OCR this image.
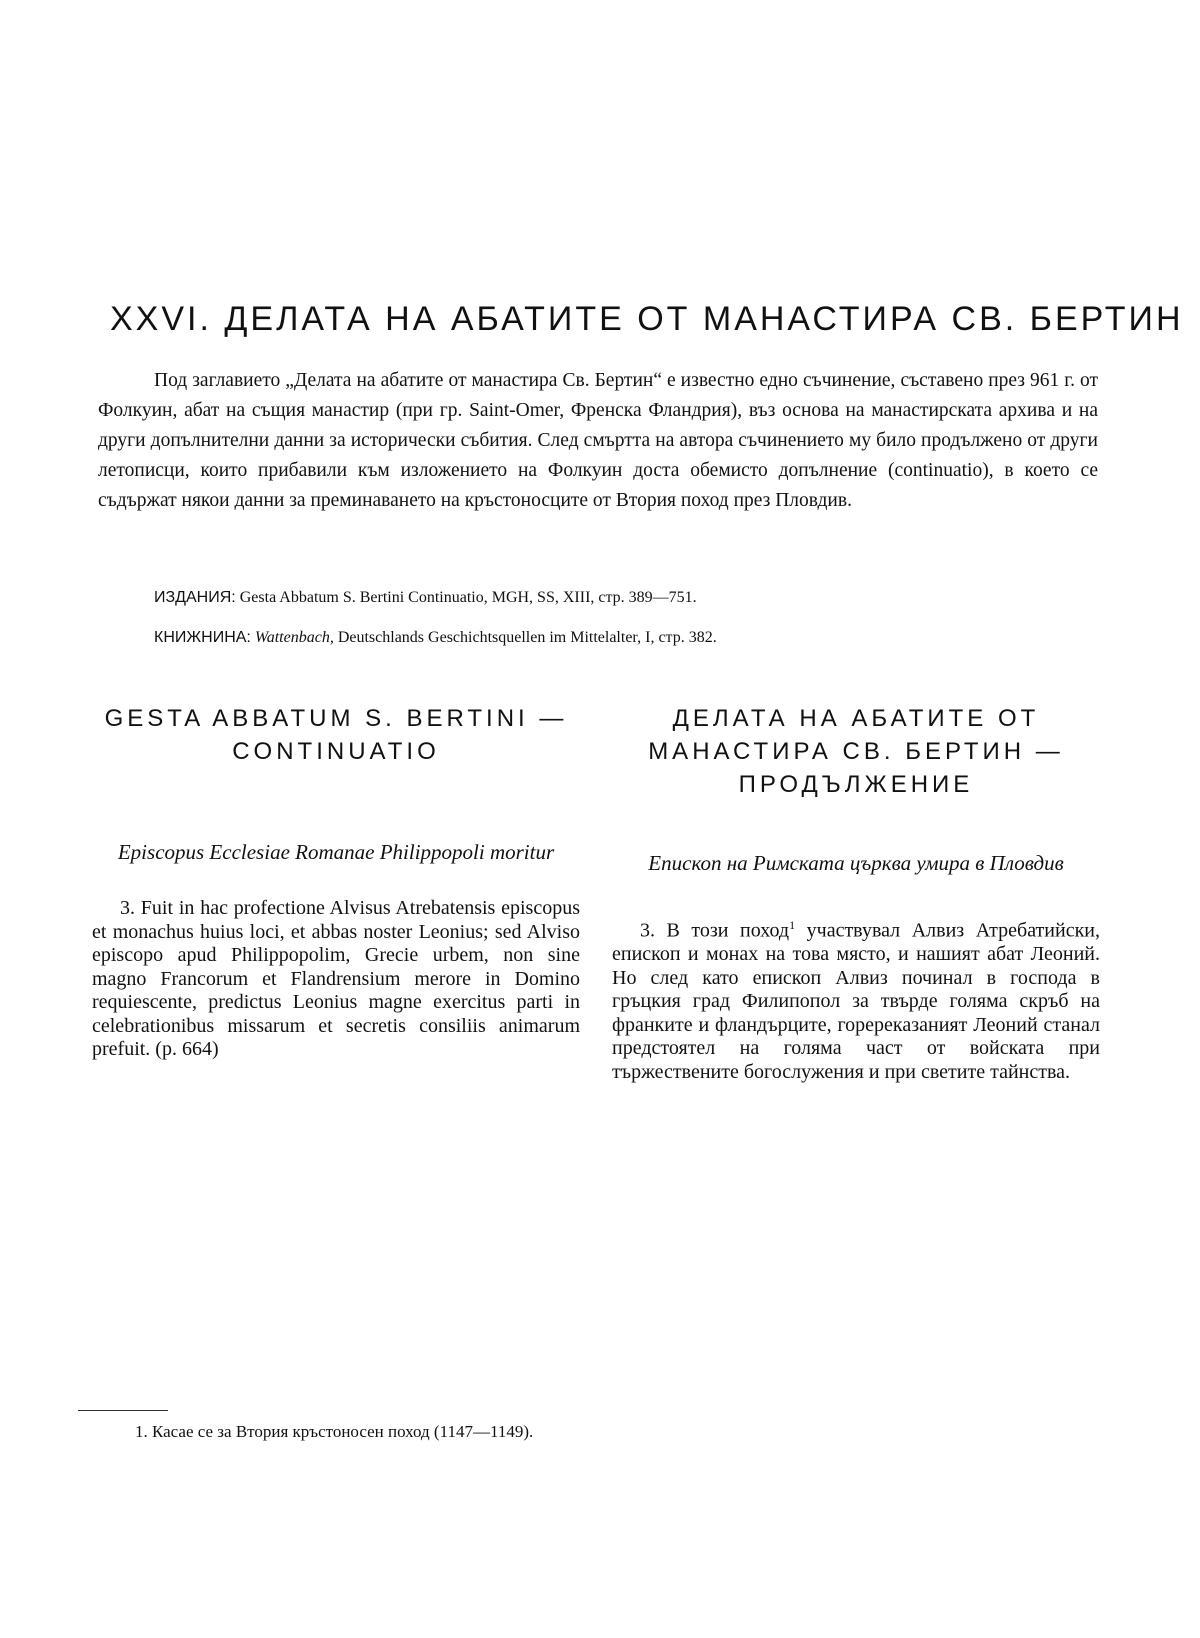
XXVI. ДЕЛАТА НА АБАТИТЕ ОТ МАНАСТИРА СВ. БЕРТИН

Под заглавието „Делата на абатите от манастира Св. Бертин“ е известно едно съчинение, съставено през 961 г. от Фолкуин, абат на същия манастир (при гр. Saint-Omer, Френска Фландрия), въз основа на манастирската архива и на други допълнителни данни за исторически събития. След смъртта на автора съчинението му било продължено от други летописци, които прибавили към изложението на Фолкуин доста обемисто допълнение (continuatio), в което се съдържат някои данни за преминаването на кръстоносците от Втория поход през Пловдив.

ИЗДАНИЯ: Gesta Abbatum S. Bertini Continuatio, MGH, SS, XIII, стр. 389—751.

КНИЖНИНА: Wattenbach, Deutschlands Geschichtsquellen im Mittelalter, I, стр. 382.

GESTA ABBATUM S. BERTINI — CONTINUATIO

Episcopus Ecclesiae Romanae Philippopoli moritur

3. Fuit in hac profectione Alvisus Atrebatensis episcopus et monachus huius loci, et abbas noster Leonius; sed Alviso episcopo apud Philippopolim, Grecie urbem, non sine magno Francorum et Flandrensium merore in Domino requiescente, predictus Leonius magne exercitus parti in celebrationibus missarum et secretis consiliis animarum prefuit. (p. 664)

ДЕЛАТА НА АБАТИТЕ ОТ МАНАСТИРА СВ. БЕРТИН — ПРОДЪЛЖЕНИЕ

Епископ на Римската църква умира в Пловдив

3. В този поход$^1$ участвувал Алвиз Атребатийски, епископ и монах на това място, и нашият абат Леоний. Но след като епископ Алвиз починал в господа в гръцкия град Филипопол за твърде голяма скръб на франките и фландърците, горереказаният Леоний станал предстоятел на голяма част от войската при тържествените богослужения и при светите тайнства.

1. Касае се за Втория кръстоносен поход (1147—1149).
